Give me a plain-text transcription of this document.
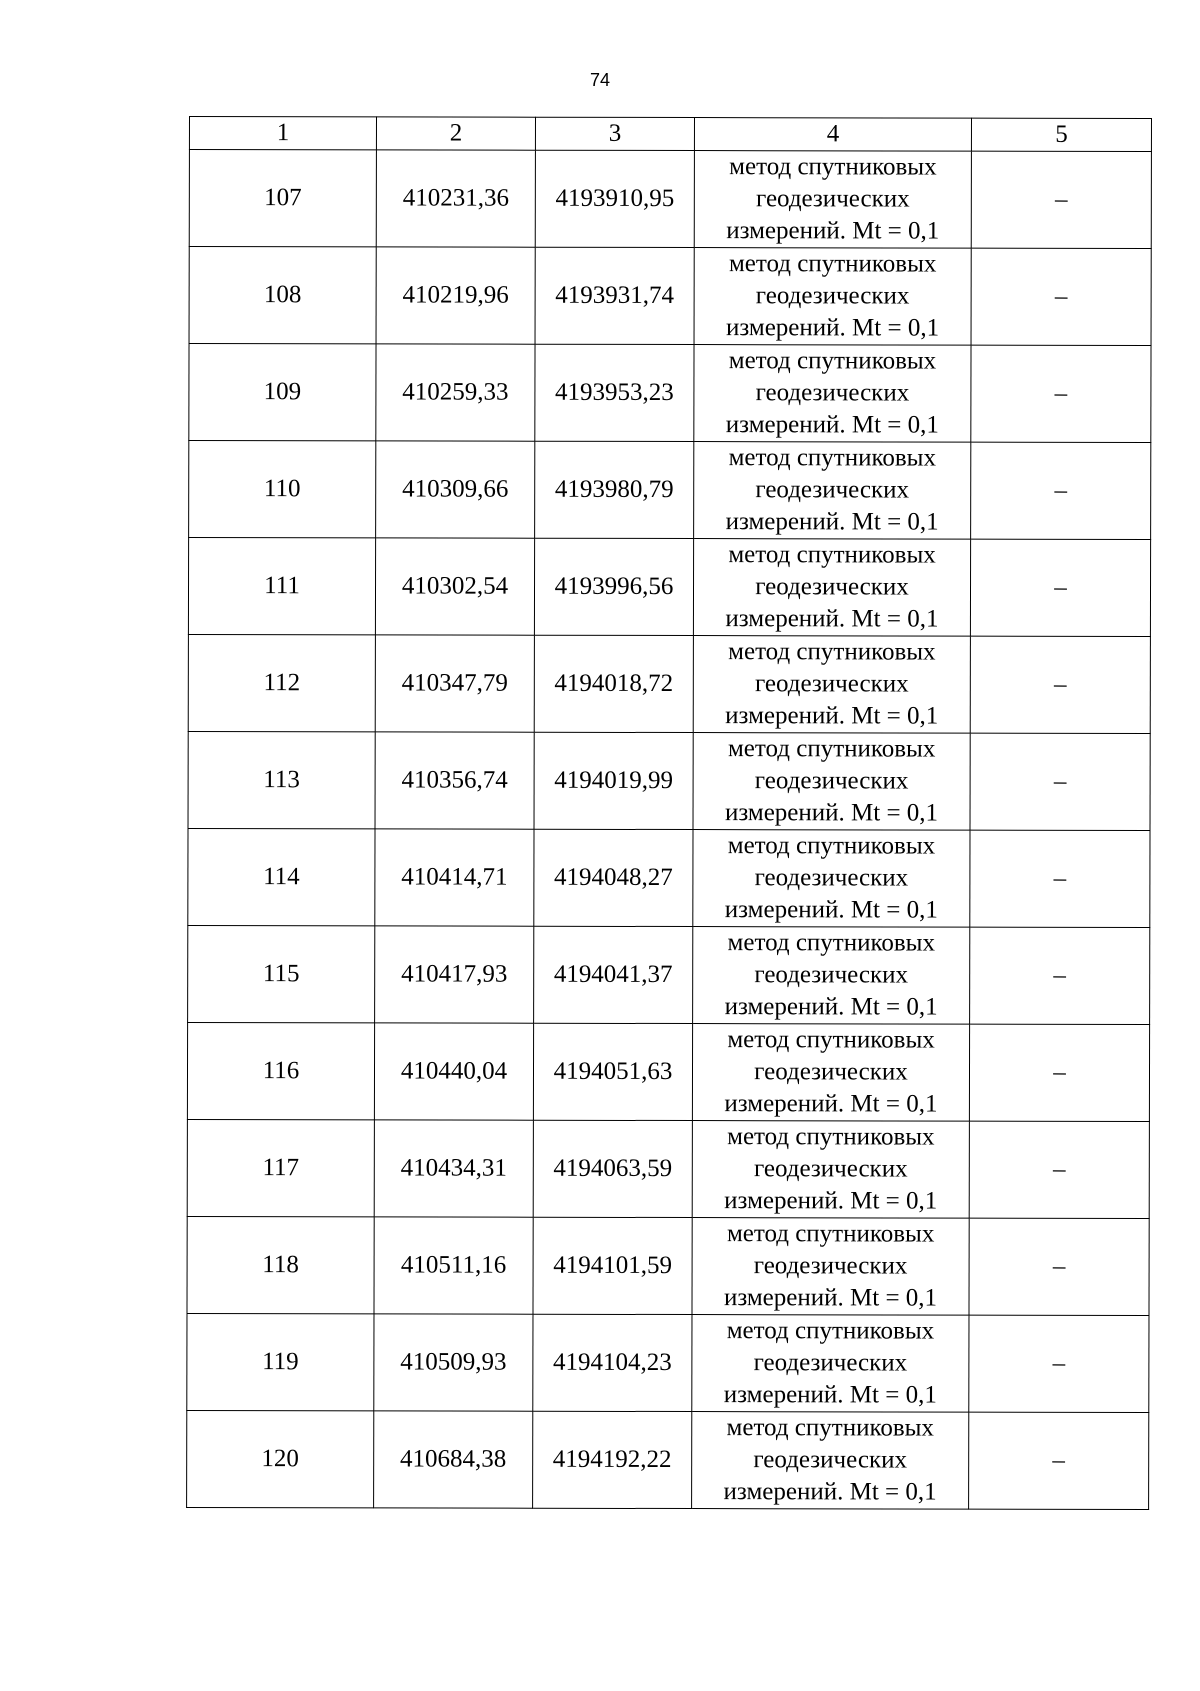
74
1	2	3	4	5
107	410231,36	4193910,95	метод спутниковых
геодезических
измерений. Mt = 0,1	–
108	410219,96	4193931,74	метод спутниковых
геодезических
измерений. Mt = 0,1	–
109	410259,33	4193953,23	метод спутниковых
геодезических
измерений. Mt = 0,1	–
110	410309,66	4193980,79	метод спутниковых
геодезических
измерений. Mt = 0,1	–
111	410302,54	4193996,56	метод спутниковых
геодезических
измерений. Mt = 0,1	–
112	410347,79	4194018,72	метод спутниковых
геодезических
измерений. Mt = 0,1	–
113	410356,74	4194019,99	метод спутниковых
геодезических
измерений. Mt = 0,1	–
114	410414,71	4194048,27	метод спутниковых
геодезических
измерений. Mt = 0,1	–
115	410417,93	4194041,37	метод спутниковых
геодезических
измерений. Mt = 0,1	–
116	410440,04	4194051,63	метод спутниковых
геодезических
измерений. Mt = 0,1	–
117	410434,31	4194063,59	метод спутниковых
геодезических
измерений. Mt = 0,1	–
118	410511,16	4194101,59	метод спутниковых
геодезических
измерений. Mt = 0,1	–
119	410509,93	4194104,23	метод спутниковых
геодезических
измерений. Mt = 0,1	–
120	410684,38	4194192,22	метод спутниковых
геодезических
измерений. Mt = 0,1	–
